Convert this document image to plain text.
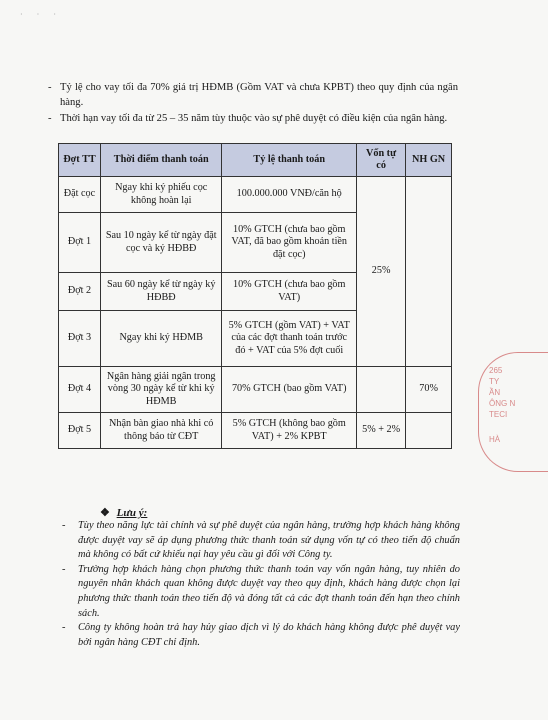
· · ·
- Tỷ lệ cho vay tối đa 70% giá trị HĐMB (Gồm VAT và chưa KPBT) theo quy định của ngân hàng.
- Thời hạn vay tối đa từ 25 – 35 năm tùy thuộc vào sự phê duyệt có điều kiện của ngân hàng.
Đợt TT	Thời điểm thanh toán	Tỷ lệ thanh toán	Vốn tự có	NH GN
Đặt cọc	Ngay khi ký phiếu cọc không hoàn lại	100.000.000 VNĐ/căn hộ	25%	
Đợt 1	Sau 10 ngày kể từ ngày đặt cọc và ký HĐBĐ	10% GTCH (chưa bao gồm VAT, đã bao gồm khoản tiền đặt cọc)		
Đợt 2	Sau 60 ngày kể từ ngày ký HĐBĐ	10% GTCH (chưa bao gồm VAT)		
Đợt 3	Ngay khi ký HĐMB	5% GTCH (gồm VAT) + VAT của các đợt thanh toán trước đó + VAT của 5% đợt cuối		
Đợt 4	Ngân hàng giải ngân trong vòng 30 ngày kể từ khi ký HĐMB	70% GTCH (bao gồm VAT)		70%
Đợt 5	Nhận bàn giao nhà khi có thông báo từ CĐT	5% GTCH (không bao gồm VAT) + 2% KPBT	5% + 2%	
❖ Lưu ý:
-	Tùy theo năng lực tài chính và sự phê duyệt của ngân hàng, trường hợp khách hàng không được duyệt vay sẽ áp dụng phương thức thanh toán sử dụng vốn tự có theo tiến độ chuẩn mà không có bất cứ khiếu nại hay yêu cầu gì đối với Công ty.
-	Trường hợp khách hàng chọn phương thức thanh toán vay vốn ngân hàng, tuy nhiên do nguyên nhân khách quan không được duyệt vay theo quy định, khách hàng được chọn lại phương thức thanh toán theo tiến độ và đóng tất cả các đợt thanh toán đến hạn theo chính sách.
-	Công ty không hoàn trả hay hủy giao dịch vì lý do khách hàng không được phê duyệt vay bởi ngân hàng CĐT chỉ định.
265
TY
ẦN
ÔNG N
TECI
HÀ
